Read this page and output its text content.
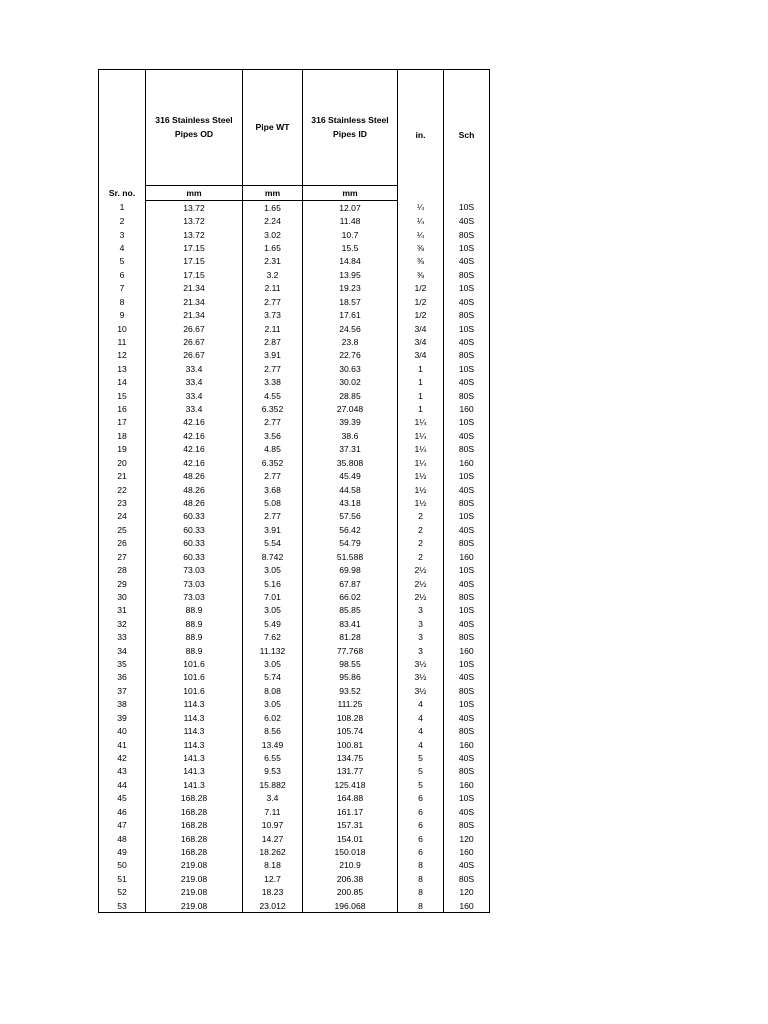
	316 Stainless Steel
Pipes OD	Pipe WT	316 Stainless Steel
Pipes ID	in.	Sch
Sr. no.	mm	mm	mm		
1	13.72	1.65	12.07	¼	10S
2	13.72	2.24	11.48	¼	40S
3	13.72	3.02	10.7	¼	80S
4	17.15	1.65	15.5	⅜	10S
5	17.15	2.31	14.84	⅜	40S
6	17.15	3.2	13.95	⅜	80S
7	21.34	2.11	19.23	1/2	10S
8	21.34	2.77	18.57	1/2	40S
9	21.34	3.73	17.61	1/2	80S
10	26.67	2.11	24.56	3/4	10S
11	26.67	2.87	23.8	3/4	40S
12	26.67	3.91	22.76	3/4	80S
13	33.4	2.77	30.63	1	10S
14	33.4	3.38	30.02	1	40S
15	33.4	4.55	28.85	1	80S
16	33.4	6.352	27.048	1	160
17	42.16	2.77	39.39	1¼	10S
18	42.16	3.56	38.6	1¼	40S
19	42.16	4.85	37.31	1¼	80S
20	42.16	6.352	35.808	1¼	160
21	48.26	2.77	45.49	1½	10S
22	48.26	3.68	44.58	1½	40S
23	48.26	5.08	43.18	1½	80S
24	60.33	2.77	57.56	2	10S
25	60.33	3.91	56.42	2	40S
26	60.33	5.54	54.79	2	80S
27	60.33	8.742	51.588	2	160
28	73.03	3.05	69.98	2½	10S
29	73.03	5.16	67.87	2½	40S
30	73.03	7.01	66.02	2½	80S
31	88.9	3.05	85.85	3	10S
32	88.9	5.49	83.41	3	40S
33	88.9	7.62	81.28	3	80S
34	88.9	11.132	77.768	3	160
35	101.6	3.05	98.55	3½	10S
36	101.6	5.74	95.86	3½	40S
37	101.6	8.08	93.52	3½	80S
38	114.3	3.05	111.25	4	10S
39	114.3	6.02	108.28	4	40S
40	114.3	8.56	105.74	4	80S
41	114.3	13.49	100.81	4	160
42	141.3	6.55	134.75	5	40S
43	141.3	9.53	131.77	5	80S
44	141.3	15.882	125.418	5	160
45	168.28	3.4	164.88	6	10S
46	168.28	7.11	161.17	6	40S
47	168.28	10.97	157.31	6	80S
48	168.28	14.27	154.01	6	120
49	168.28	18.262	150.018	6	160
50	219.08	8.18	210.9	8	40S
51	219.08	12.7	206.38	8	80S
52	219.08	18.23	200.85	8	120
53	219.08	23.012	196.068	8	160
